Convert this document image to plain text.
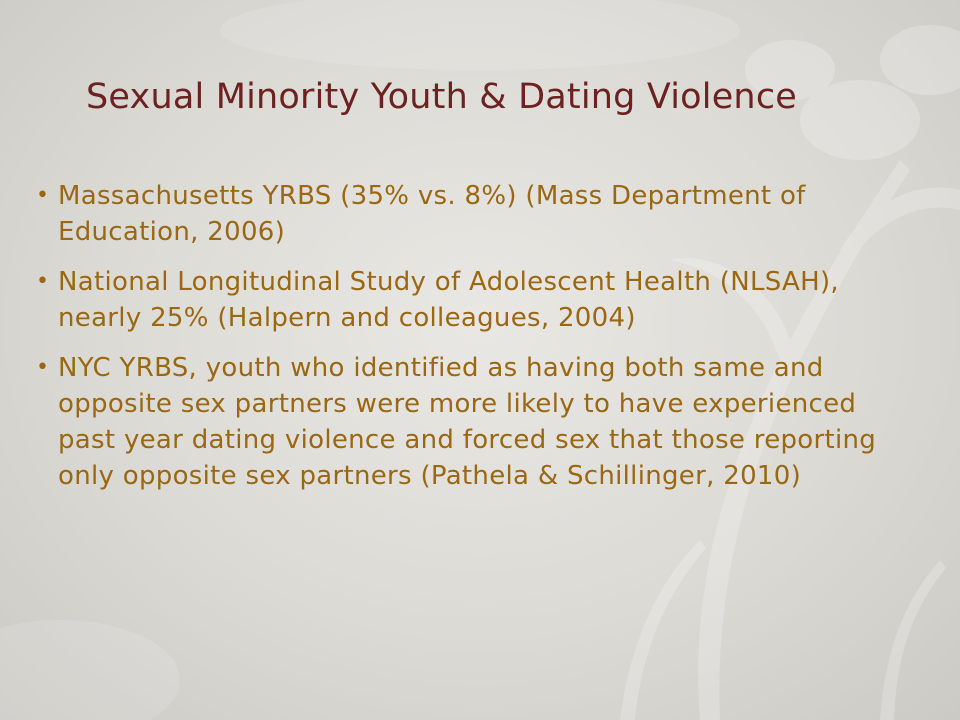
Sexual Minority Youth & Dating Violence
• Massachusetts YRBS (35% vs. 8%) (Mass Department of Education, 2006)
• National Longitudinal Study of Adolescent Health (NLSAH), nearly 25% (Halpern and colleagues, 2004)
• NYC YRBS, youth who identified as having both same and opposite sex partners were more likely to have experienced past year dating violence and forced sex that those reporting only opposite sex partners (Pathela & Schillinger, 2010)
